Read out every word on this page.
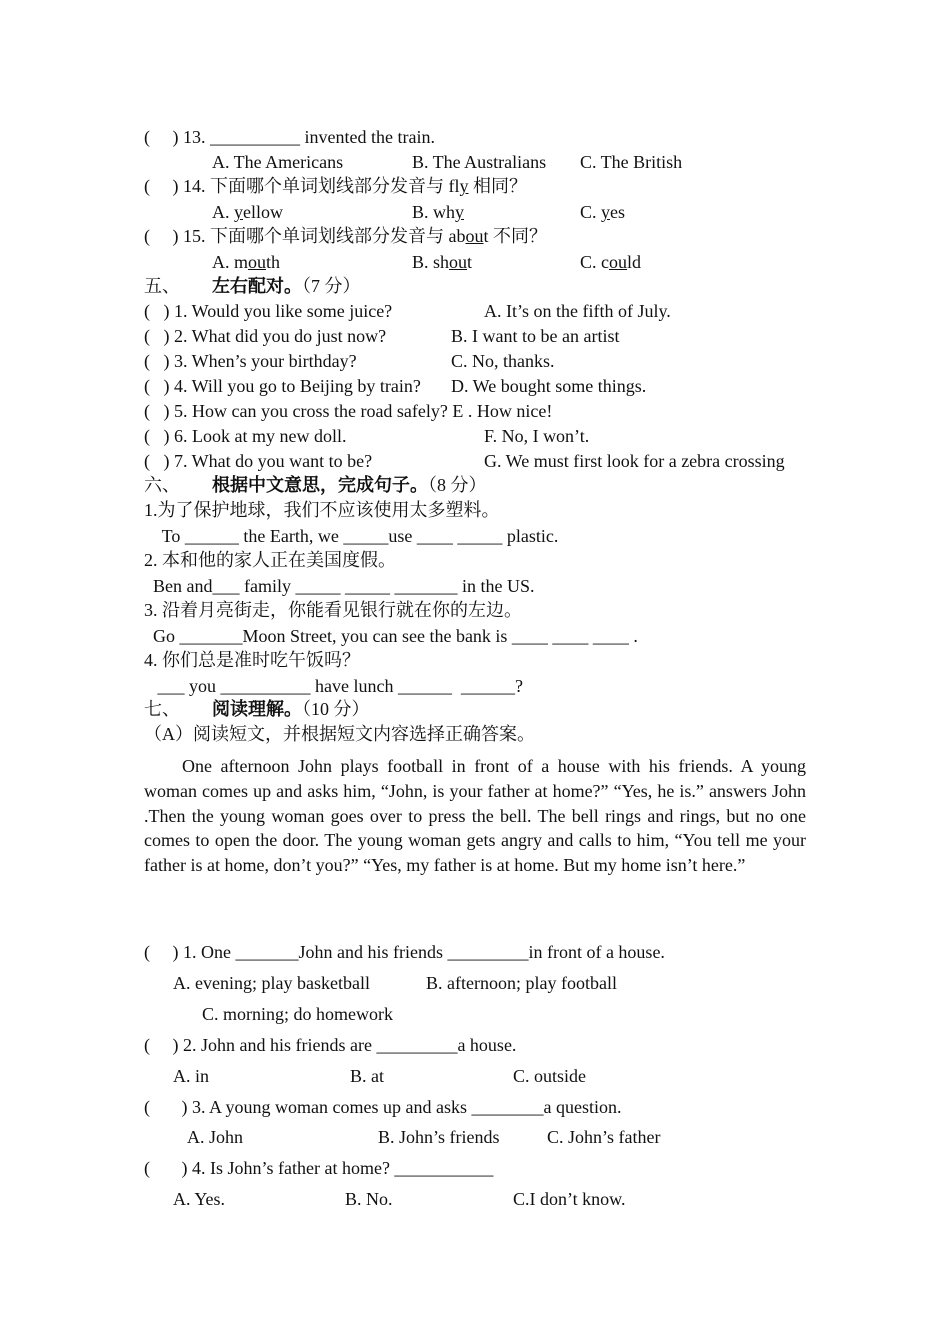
(     ) 13. __________ invented the train.
A. The Americans	B. The Australians C. The British
(     ) 14. 下面哪个单词划线部分发音与 fly 相同？
A. yellow	B. why	C. yes
(     ) 15. 下面哪个单词划线部分发音与 about 不同？
A. mouth	B. shout	C. could
五、 左右配对。（7 分）
(   ) 1. Would you like some juice?	A. It’s on the fifth of July.
(   ) 2. What did you do just now?	B. I want to be an artist
(   ) 3. When’s your birthday?	C. No, thanks.
(   ) 4. Will you go to Beijing by train? D. We bought some things.
(   ) 5. How can you cross the road safely? E . How nice!
(   ) 6. Look at my new doll.	F. No, I won’t.
(   ) 7. What do you want to be?	G. We must first look for a zebra crossing
六、 根据中文意思，完成句子。（8 分）
1.为了保护地球，我们不应该使用太多塑料。
To ______ the Earth, we _____use ____ _____ plastic.
2. 本和他的家人正在美国度假。
Ben and___ family _____ _____ _______ in the US.
3. 沿着月亮街走，你能看见银行就在你的左边。
Go _______Moon Street, you can see the bank is ____ ____ ____ .
4. 你们总是准时吃午饭吗？
___ you __________ have lunch ______  ______?
七、 阅读理解。（10 分）
（A）阅读短文，并根据短文内容选择正确答案。
One afternoon John plays football in front of a house with his friends. A young woman comes up and asks him, “John, is your father at home?” “Yes, he is.” answers John .Then the young woman goes over to press the bell. The bell rings and rings, but no one comes to open the door. The young woman gets angry and calls to him, “You tell me your father is at home, don’t you?” “Yes, my father is at home. But my home isn’t here.”
(     ) 1. One _______John and his friends _________in front of a house.
A. evening; play basketball	B. afternoon; play football
C. morning; do homework
(     ) 2. John and his friends are _________a house.
A. in	B. at	C. outside
(       ) 3. A young woman comes up and asks ________a question.
A. John	B. John’s friends	C. John’s father
(       ) 4. Is John’s father at home? ___________
A. Yes.	B. No.	C.I don’t know.
